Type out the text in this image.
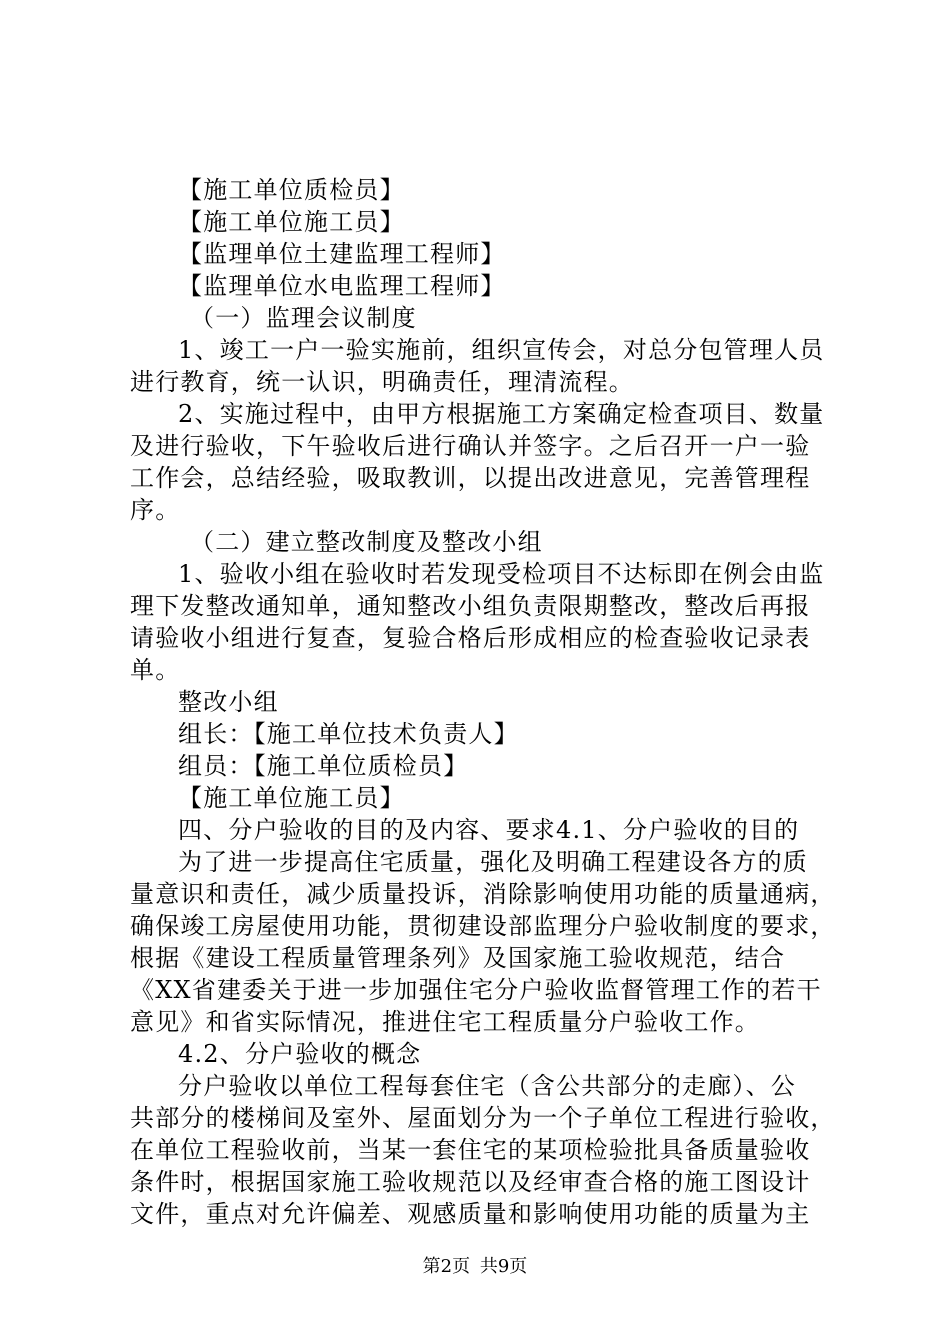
【施工单位质检员】
【施工单位施工员】
【监理单位土建监理工程师】
【监理单位水电监理工程师】
（一）监理会议制度
1、竣工一户一验实施前，组织宣传会，对总分包管理人员
进行教育，统一认识，明确责任，理清流程。
2、实施过程中，由甲方根据施工方案确定检查项目、数量
及进行验收，下午验收后进行确认并签字。之后召开一户一验
工作会，总结经验，吸取教训，以提出改进意见，完善管理程
序。
（二）建立整改制度及整改小组
1、验收小组在验收时若发现受检项目不达标即在例会由监
理下发整改通知单，通知整改小组负责限期整改，整改后再报
请验收小组进行复查，复验合格后形成相应的检查验收记录表
单。
整改小组
组长：【施工单位技术负责人】
组员：【施工单位质检员】
【施工单位施工员】
四、分户验收的目的及内容、要求4.1、分户验收的目的
为了进一步提高住宅质量，强化及明确工程建设各方的质
量意识和责任，减少质量投诉，消除影响使用功能的质量通病，
确保竣工房屋使用功能，贯彻建设部监理分户验收制度的要求，
根据《建设工程质量管理条列》及国家施工验收规范，结合
《XX省建委关于进一步加强住宅分户验收监督管理工作的若干
意见》和省实际情况，推进住宅工程质量分户验收工作。
4.2、分户验收的概念
分户验收以单位工程每套住宅（含公共部分的走廊）、公
共部分的楼梯间及室外、屋面划分为一个子单位工程进行验收，
在单位工程验收前，当某一套住宅的某项检验批具备质量验收
条件时，根据国家施工验收规范以及经审查合格的施工图设计
文件，重点对允许偏差、观感质量和影响使用功能的质量为主
第2页 共9页
